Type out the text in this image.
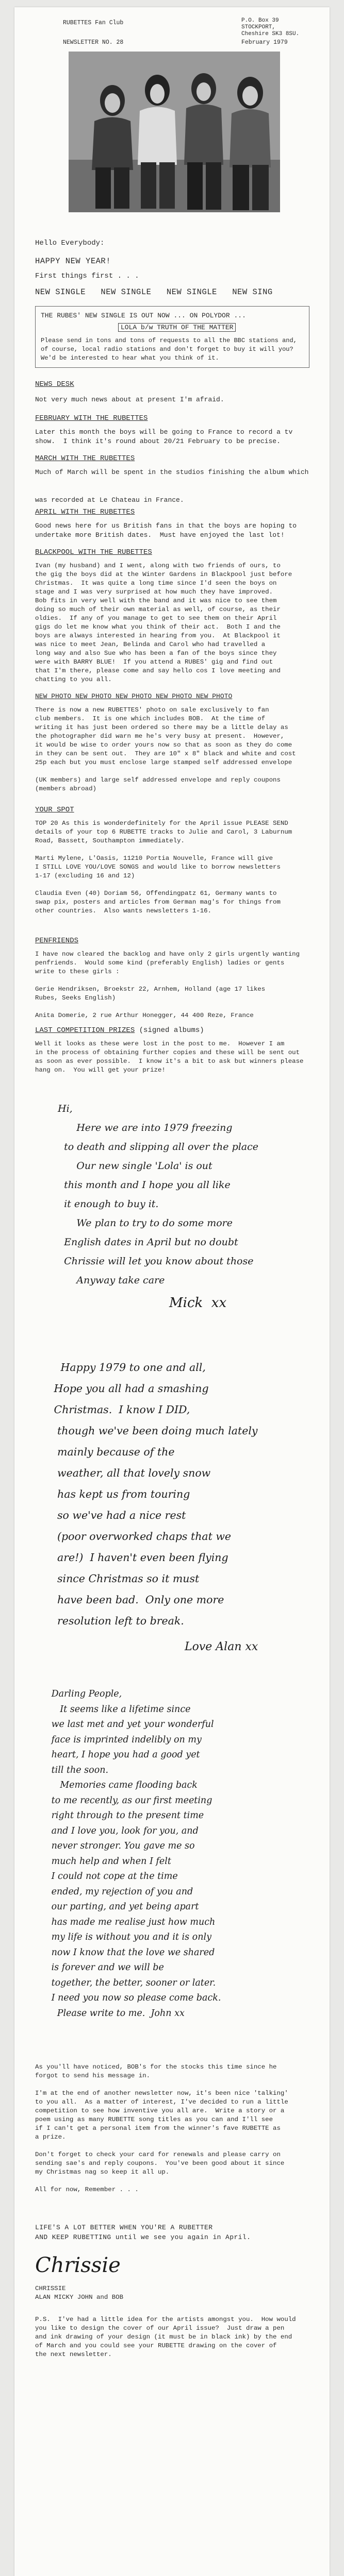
RUBETTES Fan Club	P.O. Box 39
STOCKPORT,
Cheshire SK3 8SU.
NEWSLETTER NO. 28	February 1979
Hello Everybody:
HAPPY NEW YEAR!
First things first . . .
NEW SINGLE   NEW SINGLE   NEW SINGLE   NEW SING
THE RUBES' NEW SINGLE IS OUT NOW ... ON POLYDOR ...
LOLA b/w TRUTH OF THE MATTER
Please send in tons and tons of requests to all the BBC stations and,
of course, local radio stations and don't forget to buy it will you?
We'd be interested to hear what you think of it.
NEWS DESK
Not very much news about at present I'm afraid.
FEBRUARY WITH THE RUBETTES
Later this month the boys will be going to France to record a tv
show.  I think it's round about 20/21 February to be precise.
MARCH WITH THE RUBETTES
Much of March will be spent in the studios finishing the album which

was recorded at Le Chateau in France.
APRIL WITH THE RUBETTES
Good news here for us British fans in that the boys are hoping to
undertake more British dates.  Must have enjoyed the last lot!
BLACKPOOL WITH THE RUBETTES
Ivan (my husband) and I went, along with two friends of ours, to
the gig the boys did at the Winter Gardens in Blackpool just before
Christmas.  It was quite a long time since I'd seen the boys on
stage and I was very surprised at how much they have improved.
Bob fits in very well with the band and it was nice to see them
doing so much of their own material as well, of course, as their
oldies.  If any of you manage to get to see them on their April
gigs do let me know what you think of their act.  Both I and the
boys are always interested in hearing from you.  At Blackpool it
was nice to meet Jean, Belinda and Carol who had travelled a
long way and also Sue who has been a fan of the boys since they
were with BARRY BLUE!  If you attend a RUBES' gig and find out
that I'm there, please come and say hello cos I love meeting and
chatting to you all.
NEW PHOTO NEW PHOTO NEW PHOTO NEW PHOTO NEW PHOTO
There is now a new RUBETTES' photo on sale exclusively to fan
club members.  It is one which includes BOB.  At the time of
writing it has just been ordered so there may be a little delay as
the photographer did warn me he's very busy at present.  However,
it would be wise to order yours now so that as soon as they do come
in they can be sent out.  They are 10" x 8" black and white and cost
25p each but you must enclose large stamped self addressed envelope

(UK members) and large self addressed envelope and reply coupons
(members abroad)
YOUR SPOT
TOP 20 As this is wonderdefinitely for the April issue PLEASE SEND
details of your top 6 RUBETTE tracks to Julie and Carol, 3 Laburnum
Road, Bassett, Southampton immediately.

Marti Mylene, L'Oasis, 11210 Portia Nouvelle, France will give
I STILL LOVE YOU/LOVE SONGS and would like to borrow newsletters
1-17 (excluding 16 and 12)

Claudia Even (40) Doriam 56, Offendingpatz 61, Germany wants to
swap pix, posters and articles from German mag's for things from
other countries.  Also wants newsletters 1-16.
PENFRIENDS
I have now cleared the backlog and have only 2 girls urgently wanting
penfriends.  Would some kind (preferably English) ladies or gents
write to these girls :

Gerie Hendriksen, Broekstr 22, Arnhem, Holland (age 17 likes
Rubes, Seeks English)

Anita Domerie, 2 rue Arthur Honegger, 44 400 Reze, France
LAST COMPETITION PRIZES (signed albums)
Well it looks as these were lost in the post to me.  However I am
in the process of obtaining further copies and these will be sent out
as soon as ever possible.  I know it's a bit to ask but winners please
hang on.  You will get your prize!
Hi,
Here we are into 1979 freezing
to death and slipping all over the place
Our new single 'Lola' is out
this month and I hope you all like
it enough to buy it.
We plan to try to do some more
English dates in April but no doubt
Chrissie will let you know about those
Anyway take care
Mick  xx
Happy 1979 to one and all,
Hope you all had a smashing
Christmas.  I know I DID,
though we've been doing much lately
mainly because of the
weather, all that lovely snow
has kept us from touring
so we've had a nice rest
(poor overworked chaps that we
are!)  I haven't even been flying
since Christmas so it must
have been bad.  Only one more
resolution left to break.
Love Alan xx
Darling People,
It seems like a lifetime since
we last met and yet your wonderful
face is imprinted indelibly on my
heart, I hope you had a good yet
till the soon.
Memories came flooding back
to me recently, as our first meeting
right through to the present time
and I love you, look for you, and
never stronger. You gave me so
much help and when I felt
I could not cope at the time
ended, my rejection of you and
our parting, and yet being apart
has made me realise just how much
my life is without you and it is only
now I know that the love we shared
is forever and we will be
together, the better, sooner or later.
I need you now so please come back.
Please write to me.  John xx
As you'll have noticed, BOB's for the stocks this time since he
forgot to send his message in.

I'm at the end of another newsletter now, it's been nice 'talking'
to you all.  As a matter of interest, I've decided to run a little
competition to see how inventive you all are.  Write a story or a
poem using as many RUBETTE song titles as you can and I'll see
if I can't get a personal item from the winner's fave RUBETTE as
a prize.

Don't forget to check your card for renewals and please carry on
sending sae's and reply coupons.  You've been good about it since
my Christmas nag so keep it all up.

All for now, Remember . . .
LIFE'S A LOT BETTER WHEN YOU'RE A RUBETTER
AND KEEP RUBETTING until we see you again in April.
Chrissie
CHRISSIE
ALAN MICKY JOHN and BOB
P.S.  I've had a little idea for the artists amongst you.  How would
you like to design the cover of our April issue?  Just draw a pen
and ink drawing of your design (it must be in black ink) by the end
of March and you could see your RUBETTE drawing on the cover of
the next newsletter.
